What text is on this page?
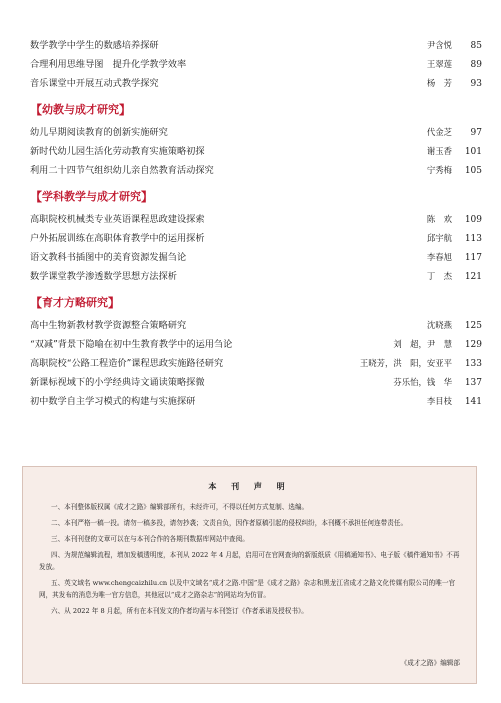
数学教学中学生的数感培养探研	尹含悦	85
合理利用思维导图　提升化学教学效率	王翠莲	89
音乐课堂中开展互动式教学探究	杨　芳	93
【 幼教与成才研究 】
幼儿早期阅读教育的创新实施研究	代金芝	97
新时代幼儿园生活化劳动教育实施策略初探	谢玉香	101
利用二十四节气组织幼儿亲自然教育活动探究	宁秀梅	105
【 学科教学与成才研究 】
高职院校机械类专业英语课程思政建设探索	陈　欢	109
户外拓展训练在高职体育教学中的运用探析	邱宇航	113
语文教科书插图中的美育资源发掘刍论	李春旭	117
数学课堂教学渗透数学思想方法探析	丁　杰	121
【 育才方略研究 】
高中生物新教材教学资源整合策略研究	沈晓燕	125
“双减”背景下隐喻在初中生教育教学中的运用刍论	刘　超，尹　慧	129
高职院校“公路工程造价”课程思政实施路径研究	王晓芳，洪　阳，安亚平	133
新课标视域下的小学经典诗文诵读策略探微	芬乐怡，钱　华	137
初中数学自主学习模式的构建与实施探研	李目枝	141
本 刊 声 明

一、本刊整体版权属《成才之路》编辑部所有，未经许可，不得以任何方式复制、选编。

二、本刊严格一稿一投。请勿一稿多投，请勿抄袭；文责自负，因作者原稿引起的侵权纠纷，本刊概不承担任何连带责任。

三、本刊刊登的文章可以在与本刊合作的各期刊数据库网站中查阅。

四、为规范编辑流程，增加发稿透明度，本刊从 2022 年 4 月起，启用可在官网查询的新版纸质《用稿通知书》、电子版《稿件通知书》不再发放。

五、英文域名 www.chengcaizhilu.cn 以及中文域名“成才之路.中国”是《成才之路》杂志和黑龙江省成才之路文化传媒有限公司的唯一官网，其发布的消息为唯一官方信息，其他冠以“成才之路杂志”的网站均为仿冒。

六、从 2022 年 8 月起，所有在本刊发文的作者均需与本刊签订《作者承诺及授权书》。

《成才之路》编辑部
